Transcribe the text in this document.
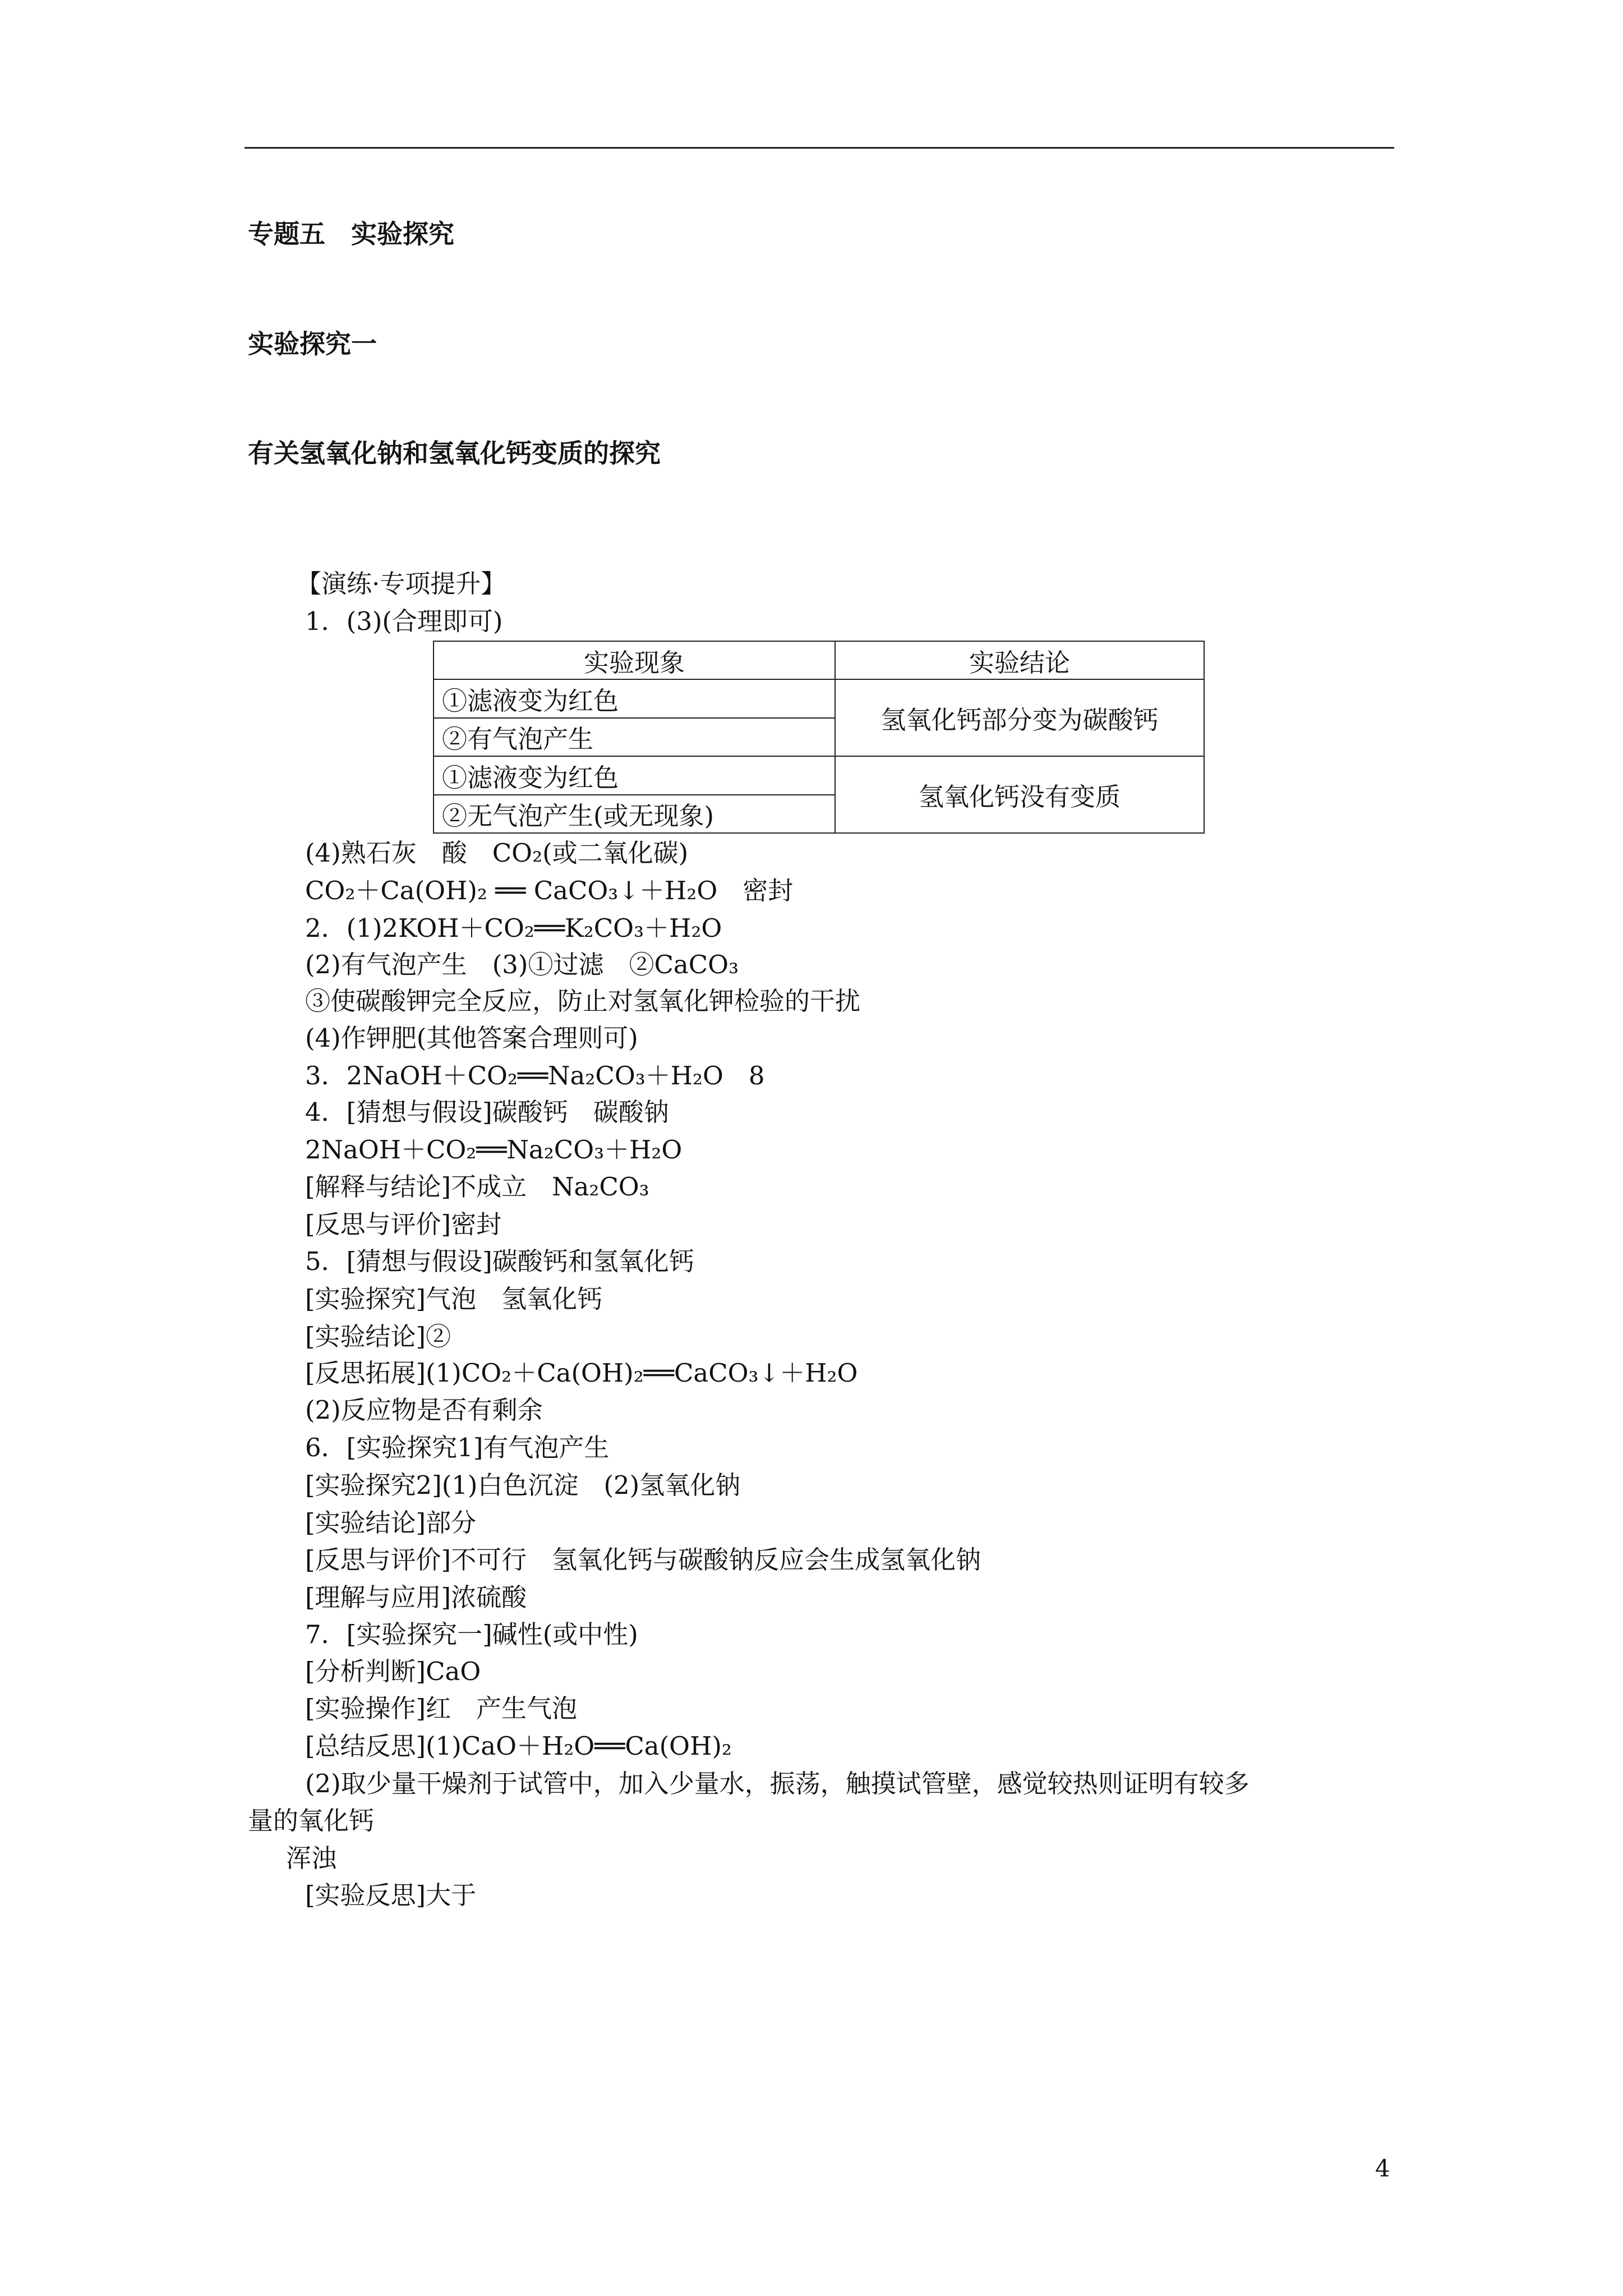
专题五　实验探究
实验探究一
有关氢氧化钠和氢氧化钙变质的探究
【演练·专项提升】
1．(3)(合理即可)
实验现象	实验结论
①滤液变为红色	氢氧化钙部分变为碳酸钙
②有气泡产生	
①滤液变为红色	氢氧化钙没有变质
②无气泡产生(或无现象)	
(4)熟石灰　酸　CO₂(或二氧化碳)
CO₂＋Ca(OH)₂ ══ CaCO₃↓＋H₂O　密封
2．(1)2KOH＋CO₂══K₂CO₃＋H₂O
(2)有气泡产生　(3)①过滤　②CaCO₃
③使碳酸钾完全反应，防止对氢氧化钾检验的干扰
(4)作钾肥(其他答案合理则可)
3．2NaOH＋CO₂══Na₂CO₃＋H₂O　8
4．[猜想与假设]碳酸钙　碳酸钠
2NaOH＋CO₂══Na₂CO₃＋H₂O
[解释与结论]不成立　Na₂CO₃
[反思与评价]密封
5．[猜想与假设]碳酸钙和氢氧化钙
[实验探究]气泡　氢氧化钙
[实验结论]②
[反思拓展](1)CO₂＋Ca(OH)₂══CaCO₃↓＋H₂O
(2)反应物是否有剩余
6．[实验探究1]有气泡产生
[实验探究2](1)白色沉淀　(2)氢氧化钠
[实验结论]部分
[反思与评价]不可行　氢氧化钙与碳酸钠反应会生成氢氧化钠
[理解与应用]浓硫酸
7．[实验探究一]碱性(或中性)
[分析判断]CaO
[实验操作]红　产生气泡
[总结反思](1)CaO＋H₂O══Ca(OH)₂
(2)取少量干燥剂于试管中，加入少量水，振荡，触摸试管壁，感觉较热则证明有较多
量的氧化钙
浑浊
[实验反思]大于
4
